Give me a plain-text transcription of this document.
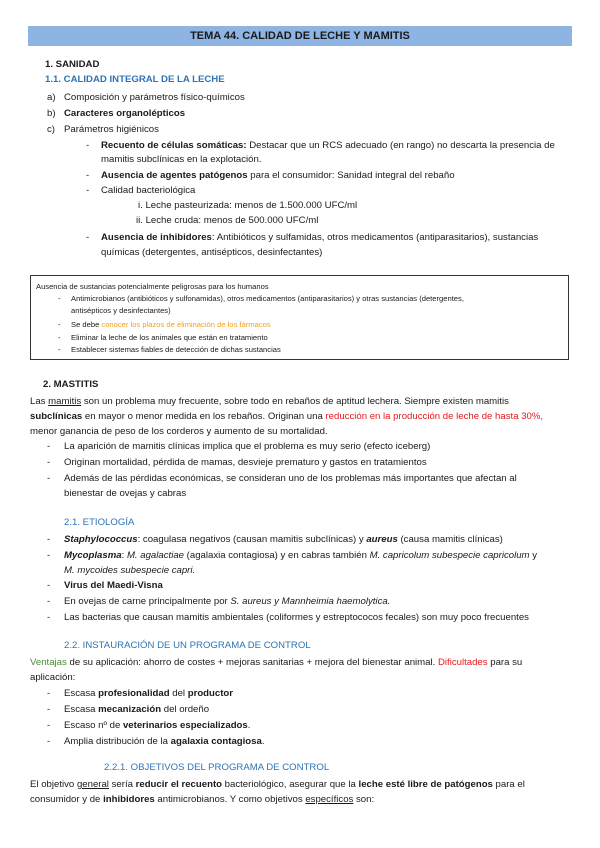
TEMA 44. CALIDAD DE LECHE Y MAMITIS
1. SANIDAD
1.1. CALIDAD INTEGRAL DE LA LECHE
a) Composición y parámetros físico-químicos
b) Caracteres organolépticos
c) Parámetros higiénicos
- Recuento de células somáticas: Destacar que un RCS adecuado (en rango) no descarta la presencia de
mamitis subclínicas en la explotación.
- Ausencia de agentes patógenos para el consumidor: Sanidad integral del rebaño
- Calidad bacteriológica
i. Leche pasteurizada: menos de 1.500.000 UFC/ml
ii. Leche cruda: menos de 500.000 UFC/ml
- Ausencia de inhibidores: Antibióticos y sulfamidas, otros medicamentos (antiparasitarios), sustancias
químicas (detergentes, antisépticos, desinfectantes)
Ausencia de sustancias potencialmente peligrosas para los humanos
- Antimicrobianos (antibióticos y sulfonamidas), otros medicamentos (antiparasitarios) y otras sustancias (detergentes,
antisépticos y desinfectantes)
- Se debe conocer los plazos de eliminación de los fármacos
- Eliminar la leche de los animales que están en tratamiento
- Establecer sistemas fiables de detección de dichas sustancias
2. MASTITIS
Las mamitis son un problema muy frecuente, sobre todo en rebaños de aptitud lechera. Siempre existen mamitis
subclínicas en mayor o menor medida en los rebaños. Originan una reducción en la producción de leche de hasta 30%,
menor ganancia de peso de los corderos y aumento de su mortalidad.
- La aparición de mamitis clínicas implica que el problema es muy serio (efecto iceberg)
- Originan mortalidad, pérdida de mamas, desvieje prematuro y gastos en tratamientos
- Además de las pérdidas económicas, se consideran uno de los problemas más importantes que afectan al
bienestar de ovejas y cabras
2.1. ETIOLOGÍA
- Staphylococcus: coagulasa negativos (causan mamitis subclínicas) y aureus (causa mamitis clínicas)
- Mycoplasma: M. agalactiae (agalaxia contagiosa) y en cabras también M. capricolum subespecie capricolum y
M. mycoides subespecie capri.
- Virus del Maedi-Visna
- En ovejas de carne principalmente por S. aureus y Mannheimia haemolytica.
- Las bacterias que causan mamitis ambientales (coliformes y estreptococos fecales) son muy poco frecuentes
2.2. INSTAURACIÓN DE UN PROGRAMA DE CONTROL
Ventajas de su aplicación: ahorro de costes + mejoras sanitarias + mejora del bienestar animal. Dificultades para su
aplicación:
- Escasa profesionalidad del productor
- Escasa mecanización del ordeño
- Escaso nº de veterinarios especializados.
- Amplia distribución de la agalaxia contagiosa.
2.2.1. OBJETIVOS DEL PROGRAMA DE CONTROL
El objetivo general sería reducir el recuento bacteriológico, asegurar que la leche esté libre de patógenos para el
consumidor y de inhibidores antimicrobianos. Y como objetivos específicos son:
